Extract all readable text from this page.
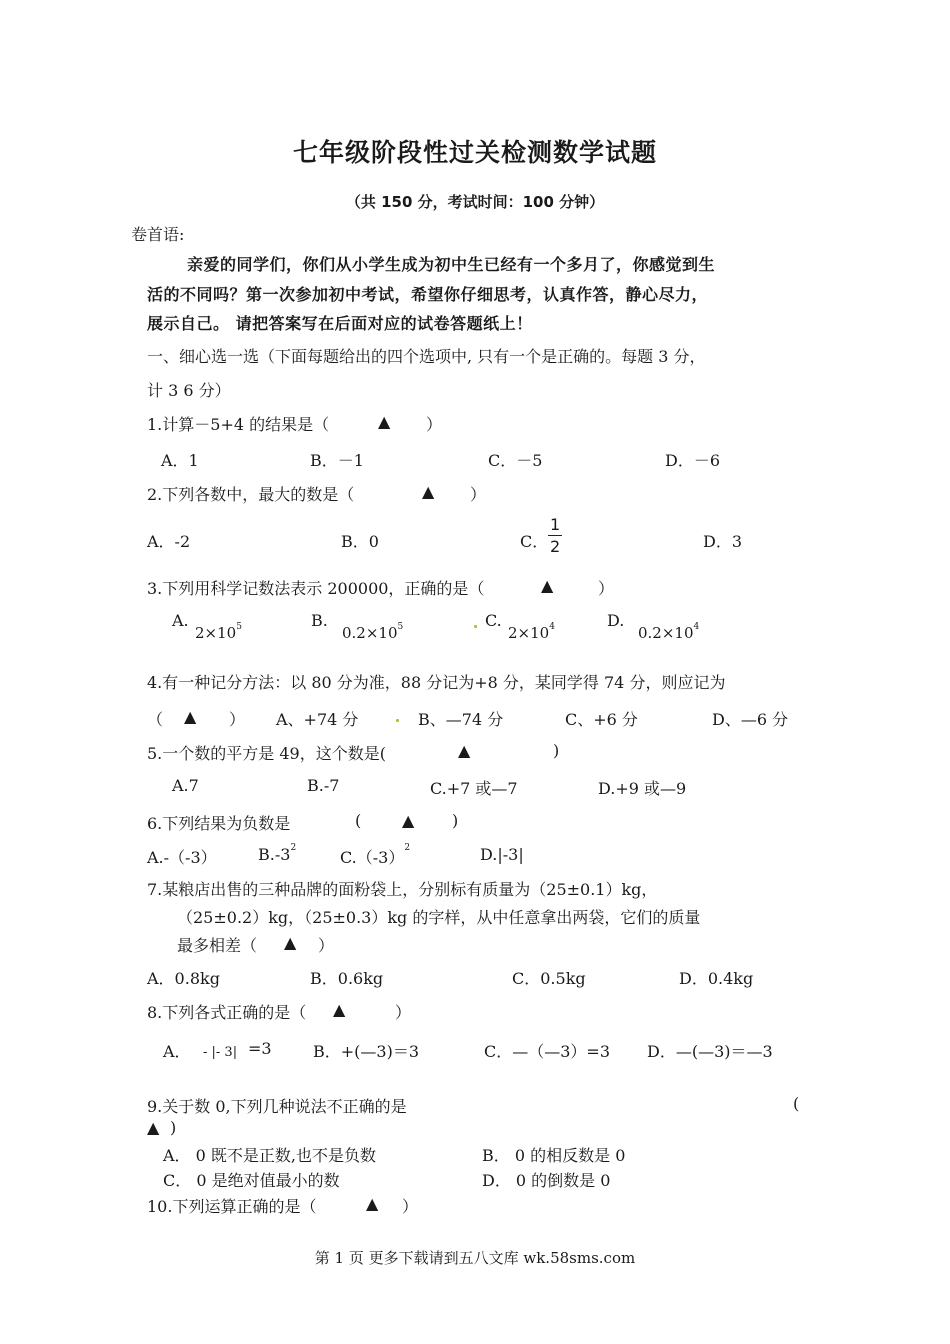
七年级阶段性过关检测数学试题
（共 150 分，考试时间：100 分钟）
卷首语:
亲爱的同学们，你们从小学生成为初中生已经有一个多月了，你感觉到生
活的不同吗？第一次参加初中考试，希望你仔细思考，认真作答，静心尽力，
展示自己。 请把答案写在后面对应的试卷答题纸上！
一、细心选一选（下面每题给出的四个选项中, 只有一个是正确的。每题 3 分，
计 3 6 分）
1.计算－5+4 的结果是（	▲ ）
A．1	B．－1	C．－5	D．－6
2.下列各数中，最大的数是（	▲ ）
A．-2	B．0	C． $\frac{1}{2}$	D．3
3.下列用科学记数法表示 200000，正确的是（	▲	）
A.
$2\times 10^5$	B.
$0.2\times 10^5$	C.
$2\times 10^4$	D.
$0.2\times 10^4$
4.有一种记分方法：以 80 分为准，88 分记为+8 分，某同学得 74 分，则应记为
（ ▲ ） A、+74 分	B、—74 分	C、+6 分	D、—6 分
5.一个数的平方是 49，这个数是(	▲	)
A.7	B.-7	C.+7 或—7	D.+9 或—9
6.下列结果为负数是	(	▲ )
A.-（-3）	$B.-3^2$	$C.(-3)^2$	D.|-3|
7.某粮店出售的三种品牌的面粉袋上，分别标有质量为（25±0.1）kg，
（25±0.2）kg，（25±0.3）kg 的字样，从中任意拿出两袋，它们的质量
最多相差（ ▲ ）
A．0.8kg	B．0.6kg	C．0.5kg	D．0.4kg
8.下列各式正确的是（ ▲	）
A． - |- 3| =3	B．+(—3)＝3	C．—（—3）=3 D．—(—3)＝—3
9.关于数 0,下列几种说法不正确的是	(
▲ )
A． 0 既不是正数,也不是负数	B． 0 的相反数是 0
C． 0 是绝对值最小的数	D． 0 的倒数是 0
10.下列运算正确的是（	▲ ）
第 1 页 更多下载请到五八文库 wk.58sms.com
